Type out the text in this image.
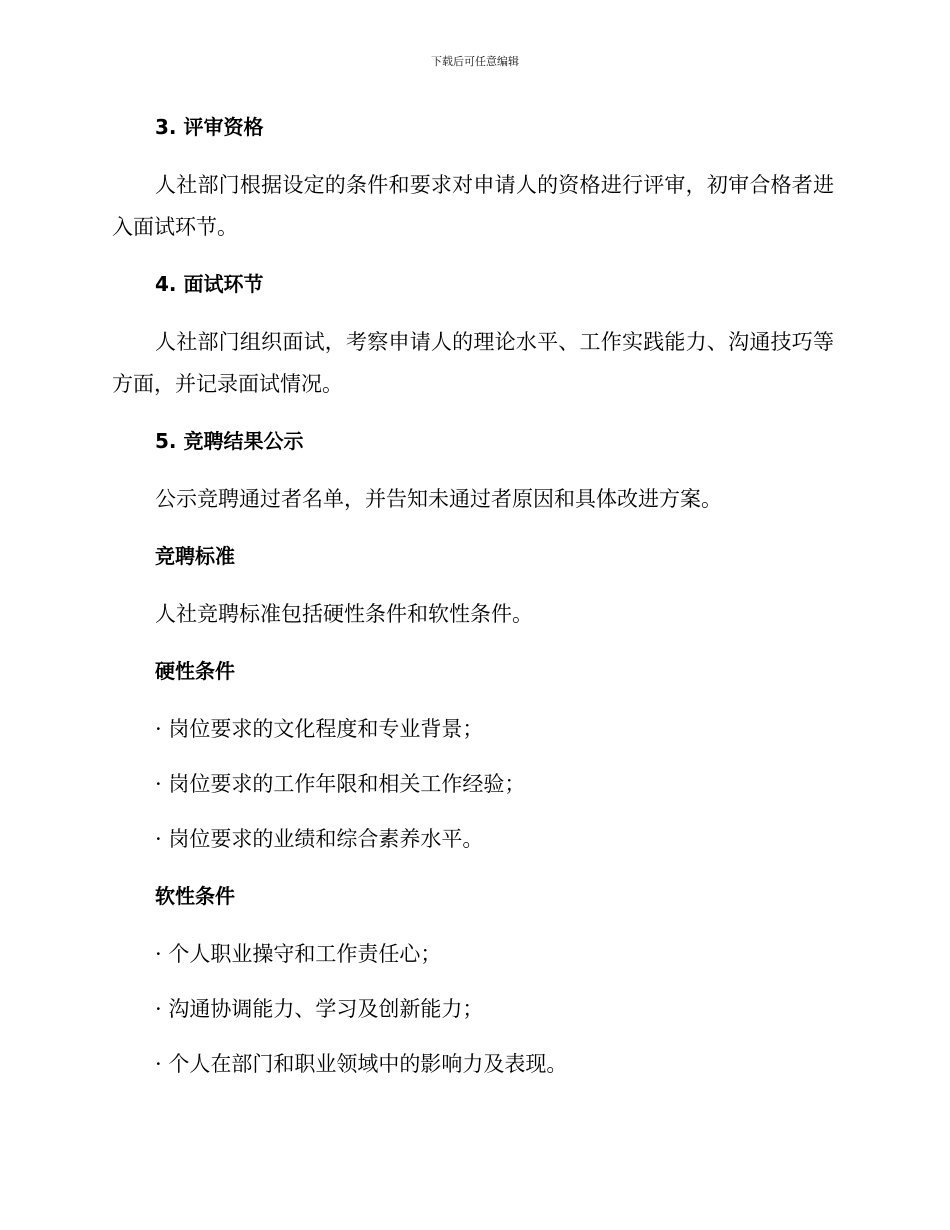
下载后可任意编辑
3. 评审资格

人社部门根据设定的条件和要求对申请人的资格进行评审，初审合格者进入面试环节。

4. 面试环节

人社部门组织面试，考察申请人的理论水平、工作实践能力、沟通技巧等方面，并记录面试情况。

5. 竞聘结果公示

公示竞聘通过者名单，并告知未通过者原因和具体改进方案。

竞聘标准

人社竞聘标准包括硬性条件和软性条件。

硬性条件

· 岗位要求的文化程度和专业背景；

· 岗位要求的工作年限和相关工作经验；

· 岗位要求的业绩和综合素养水平。

软性条件

· 个人职业操守和工作责任心；

· 沟通协调能力、学习及创新能力；

· 个人在部门和职业领域中的影响力及表现。
